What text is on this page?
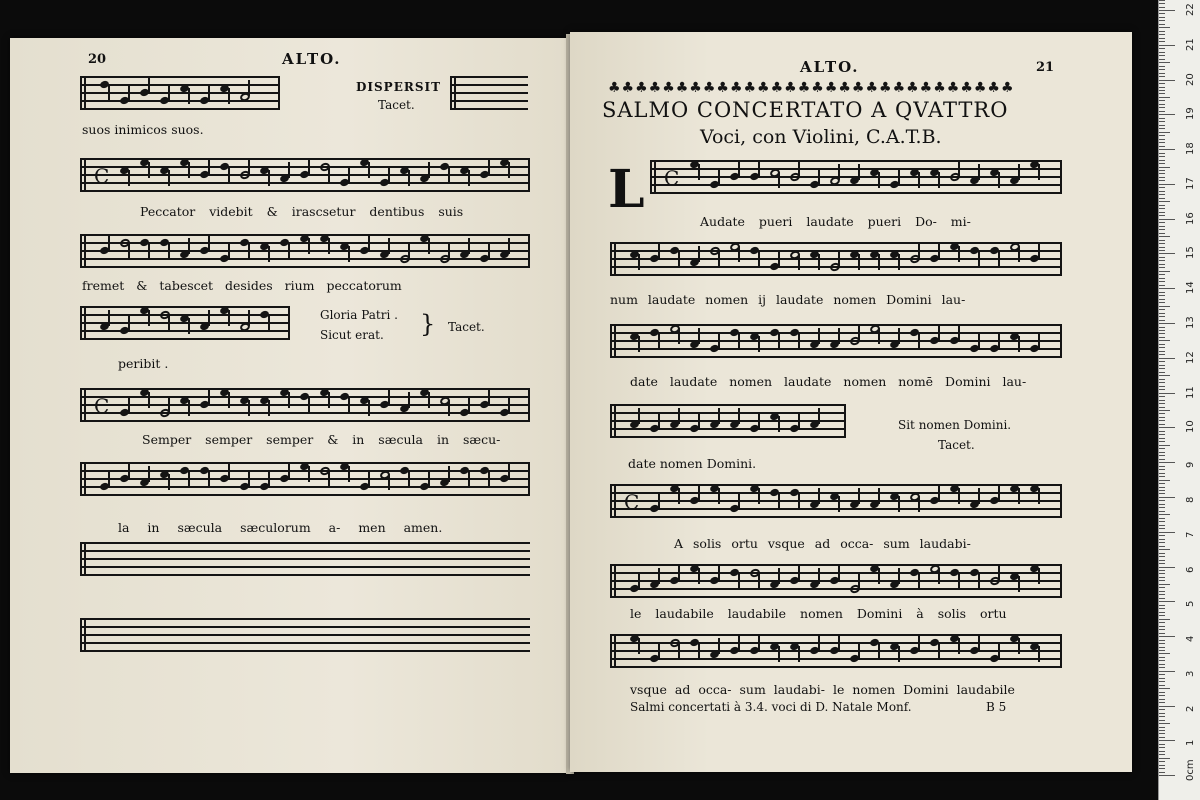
20	ALTO.
DISPERSIT
Tacet.
suos inimicos suos.
C
Peccator videbit & irascsetur dentibus suis
fremet & tabescet desides rium peccatorum
Gloria Patri .
Sicut erat. } Tacet.
peribit .
C
Semper semper semper & in sæcula in sæcu-
la in sæcula sæculorum a- men amen.
ALTO.	21
♣♣♣♣♣♣♣♣♣♣♣♣♣♣♣♣♣♣♣♣♣♣♣♣♣♣♣♣♣♣
SALMO CONCERTATO A QVATTRO
Voci, con Violini, C.A.T.B.
L C
Audate pueri laudate pueri Do- mi-
num laudate nomen ij laudate nomen Domini lau-
date laudate nomen laudate nomen nomē Domini lau-
Sit nomen Domini.
Tacet.
date nomen Domini.
C
A solis ortu vsque ad occa- sum laudabi-
le laudabile laudabile nomen Domini à solis ortu
vsque ad occa- sum laudabi- le nomen Domini laudabile
Salmi concertati à 3.4. voci di D. Natale Monf.	B 5
0cm
1
2
3
4
5
6
7
8
9
10
11
12
13
14
15
16
17
18
19
20
21
22
